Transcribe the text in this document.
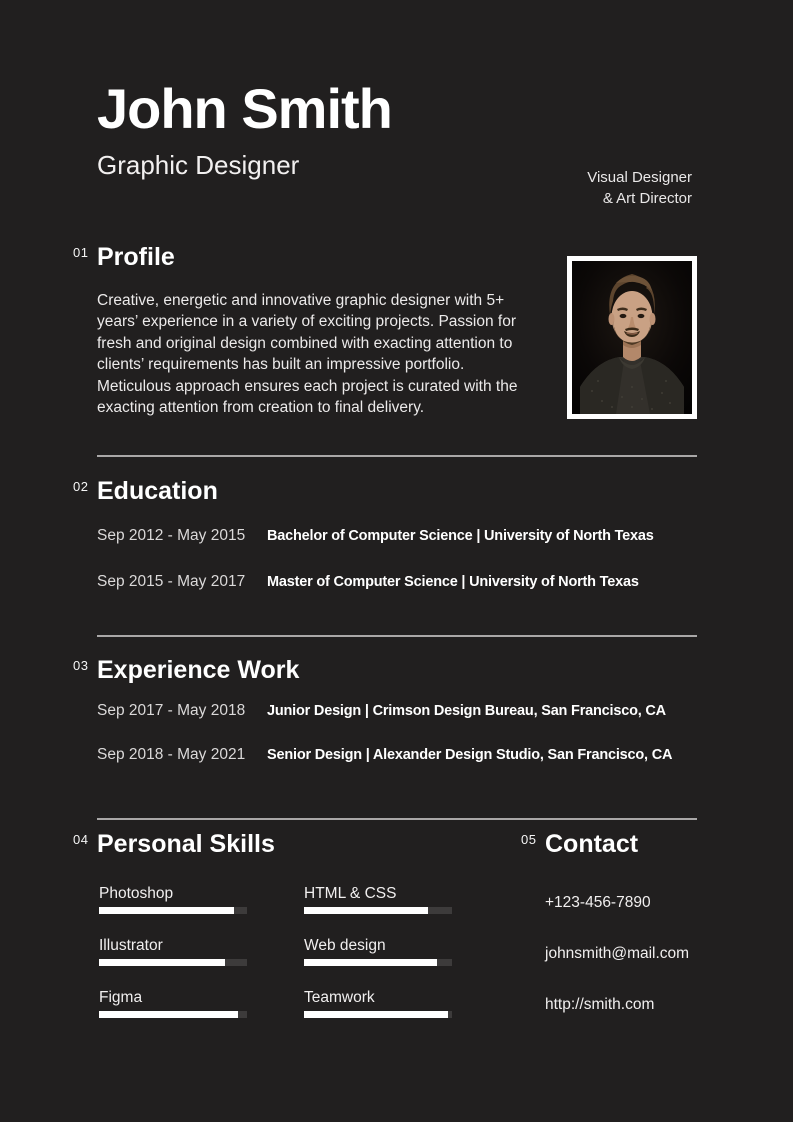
John Smith
Graphic Designer	Visual Designer
& Art Director
01 Profile
Creative, energetic and innovative graphic designer with 5+
years’ experience in a variety of exciting projects. Passion for
fresh and original design combined with exacting attention to
clients’ requirements has built an impressive portfolio.
Meticulous approach ensures each project is curated with the
exacting attention from creation to final delivery.
02 Education
Sep 2012 - May 2015	Bachelor of Computer Science | University of North Texas
Sep 2015 - May 2017	Master of Computer Science | University of North Texas
03 Experience Work
Sep 2017 - May 2018	Junior Design | Crimson Design Bureau, San Francisco, CA
Sep 2018 - May 2021	Senior Design | Alexander Design Studio, San Francisco, CA
04 Personal Skills
Photoshop	HTML & CSS
Illustrator	Web design
Figma	Teamwork
05 Contact
+123-456-7890
johnsmith@mail.com
http://smith.com
